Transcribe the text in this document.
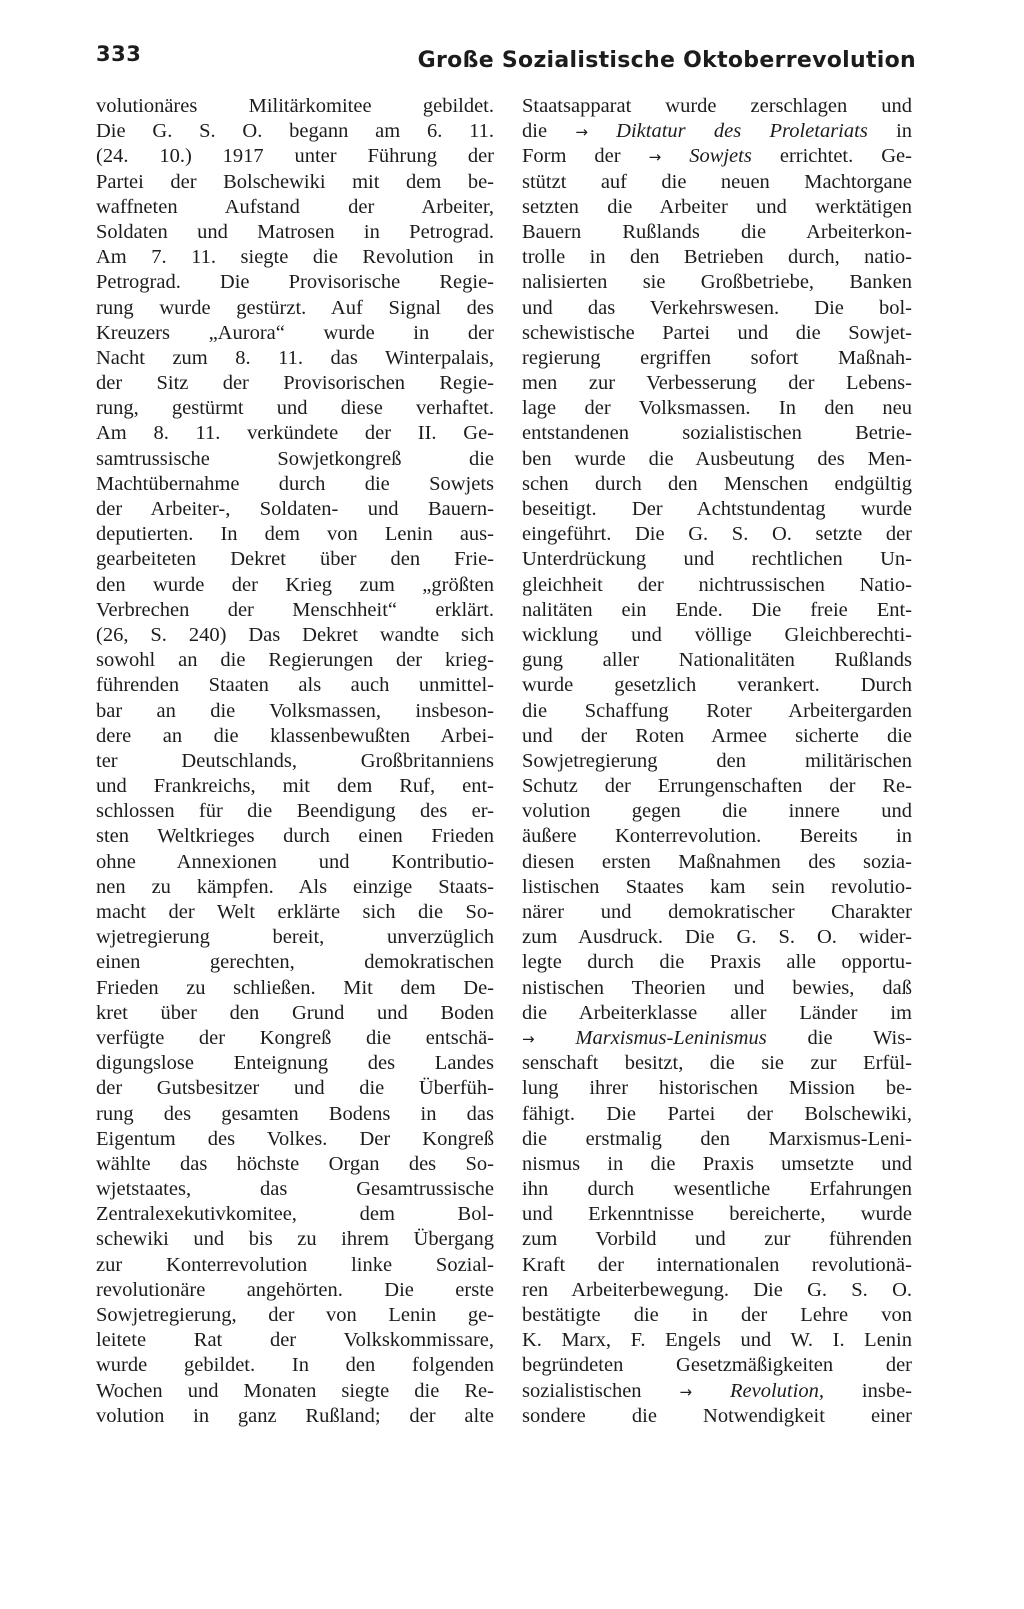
333	Große Sozialistische Oktoberrevolution
volutionäres Militärkomitee gebildet.
Die G. S. O. begann am 6. 11.
(24. 10.) 1917 unter Führung der
Partei der Bolschewiki mit dem be-
waffneten Aufstand der Arbeiter,
Soldaten und Matrosen in Petrograd.
Am 7. 11. siegte die Revolution in
Petrograd. Die Provisorische Regie-
rung wurde gestürzt. Auf Signal des
Kreuzers „Aurora“ wurde in der
Nacht zum 8. 11. das Winterpalais,
der Sitz der Provisorischen Regie-
rung, gestürmt und diese verhaftet.
Am 8. 11. verkündete der II. Ge-
samtrussische Sowjetkongreß die
Machtübernahme durch die Sowjets
der Arbeiter-, Soldaten- und Bauern-
deputierten. In dem von Lenin aus-
gearbeiteten Dekret über den Frie-
den wurde der Krieg zum „größten
Verbrechen der Menschheit“ erklärt.
(26, S. 240) Das Dekret wandte sich
sowohl an die Regierungen der krieg-
führenden Staaten als auch unmittel-
bar an die Volksmassen, insbeson-
dere an die klassenbewußten Arbei-
ter Deutschlands, Großbritanniens
und Frankreichs, mit dem Ruf, ent-
schlossen für die Beendigung des er-
sten Weltkrieges durch einen Frieden
ohne Annexionen und Kontributio-
nen zu kämpfen. Als einzige Staats-
macht der Welt erklärte sich die So-
wjetregierung bereit, unverzüglich
einen gerechten, demokratischen
Frieden zu schließen. Mit dem De-
kret über den Grund und Boden
verfügte der Kongreß die entschä-
digungslose Enteignung des Landes
der Gutsbesitzer und die Überfüh-
rung des gesamten Bodens in das
Eigentum des Volkes. Der Kongreß
wählte das höchste Organ des So-
wjetstaates, das Gesamtrussische
Zentralexekutivkomitee, dem Bol-
schewiki und bis zu ihrem Übergang
zur Konterrevolution linke Sozial-
revolutionäre angehörten. Die erste
Sowjetregierung, der von Lenin ge-
leitete Rat der Volkskommissare,
wurde gebildet. In den folgenden
Wochen und Monaten siegte die Re-
volution in ganz Rußland; der alte
Staatsapparat wurde zerschlagen und
die → Diktatur des Proletariats in
Form der → Sowjets errichtet. Ge-
stützt auf die neuen Machtorgane
setzten die Arbeiter und werktätigen
Bauern Rußlands die Arbeiterkon-
trolle in den Betrieben durch, natio-
nalisierten sie Großbetriebe, Banken
und das Verkehrswesen. Die bol-
schewistische Partei und die Sowjet-
regierung ergriffen sofort Maßnah-
men zur Verbesserung der Lebens-
lage der Volksmassen. In den neu
entstandenen sozialistischen Betrie-
ben wurde die Ausbeutung des Men-
schen durch den Menschen endgültig
beseitigt. Der Achtstundentag wurde
eingeführt. Die G. S. O. setzte der
Unterdrückung und rechtlichen Un-
gleichheit der nichtrussischen Natio-
nalitäten ein Ende. Die freie Ent-
wicklung und völlige Gleichberechti-
gung aller Nationalitäten Rußlands
wurde gesetzlich verankert. Durch
die Schaffung Roter Arbeitergarden
und der Roten Armee sicherte die
Sowjetregierung den militärischen
Schutz der Errungenschaften der Re-
volution gegen die innere und
äußere Konterrevolution. Bereits in
diesen ersten Maßnahmen des sozia-
listischen Staates kam sein revolutio-
närer und demokratischer Charakter
zum Ausdruck. Die G. S. O. wider-
legte durch die Praxis alle opportu-
nistischen Theorien und bewies, daß
die Arbeiterklasse aller Länder im
→ Marxismus-Leninismus die Wis-
senschaft besitzt, die sie zur Erfül-
lung ihrer historischen Mission be-
fähigt. Die Partei der Bolschewiki,
die erstmalig den Marxismus-Leni-
nismus in die Praxis umsetzte und
ihn durch wesentliche Erfahrungen
und Erkenntnisse bereicherte, wurde
zum Vorbild und zur führenden
Kraft der internationalen revolutionä-
ren Arbeiterbewegung. Die G. S. O.
bestätigte die in der Lehre von
K. Marx, F. Engels und W. I. Lenin
begründeten Gesetzmäßigkeiten der
sozialistischen	→ Revolution, insbe-
sondere die Notwendigkeit einer
